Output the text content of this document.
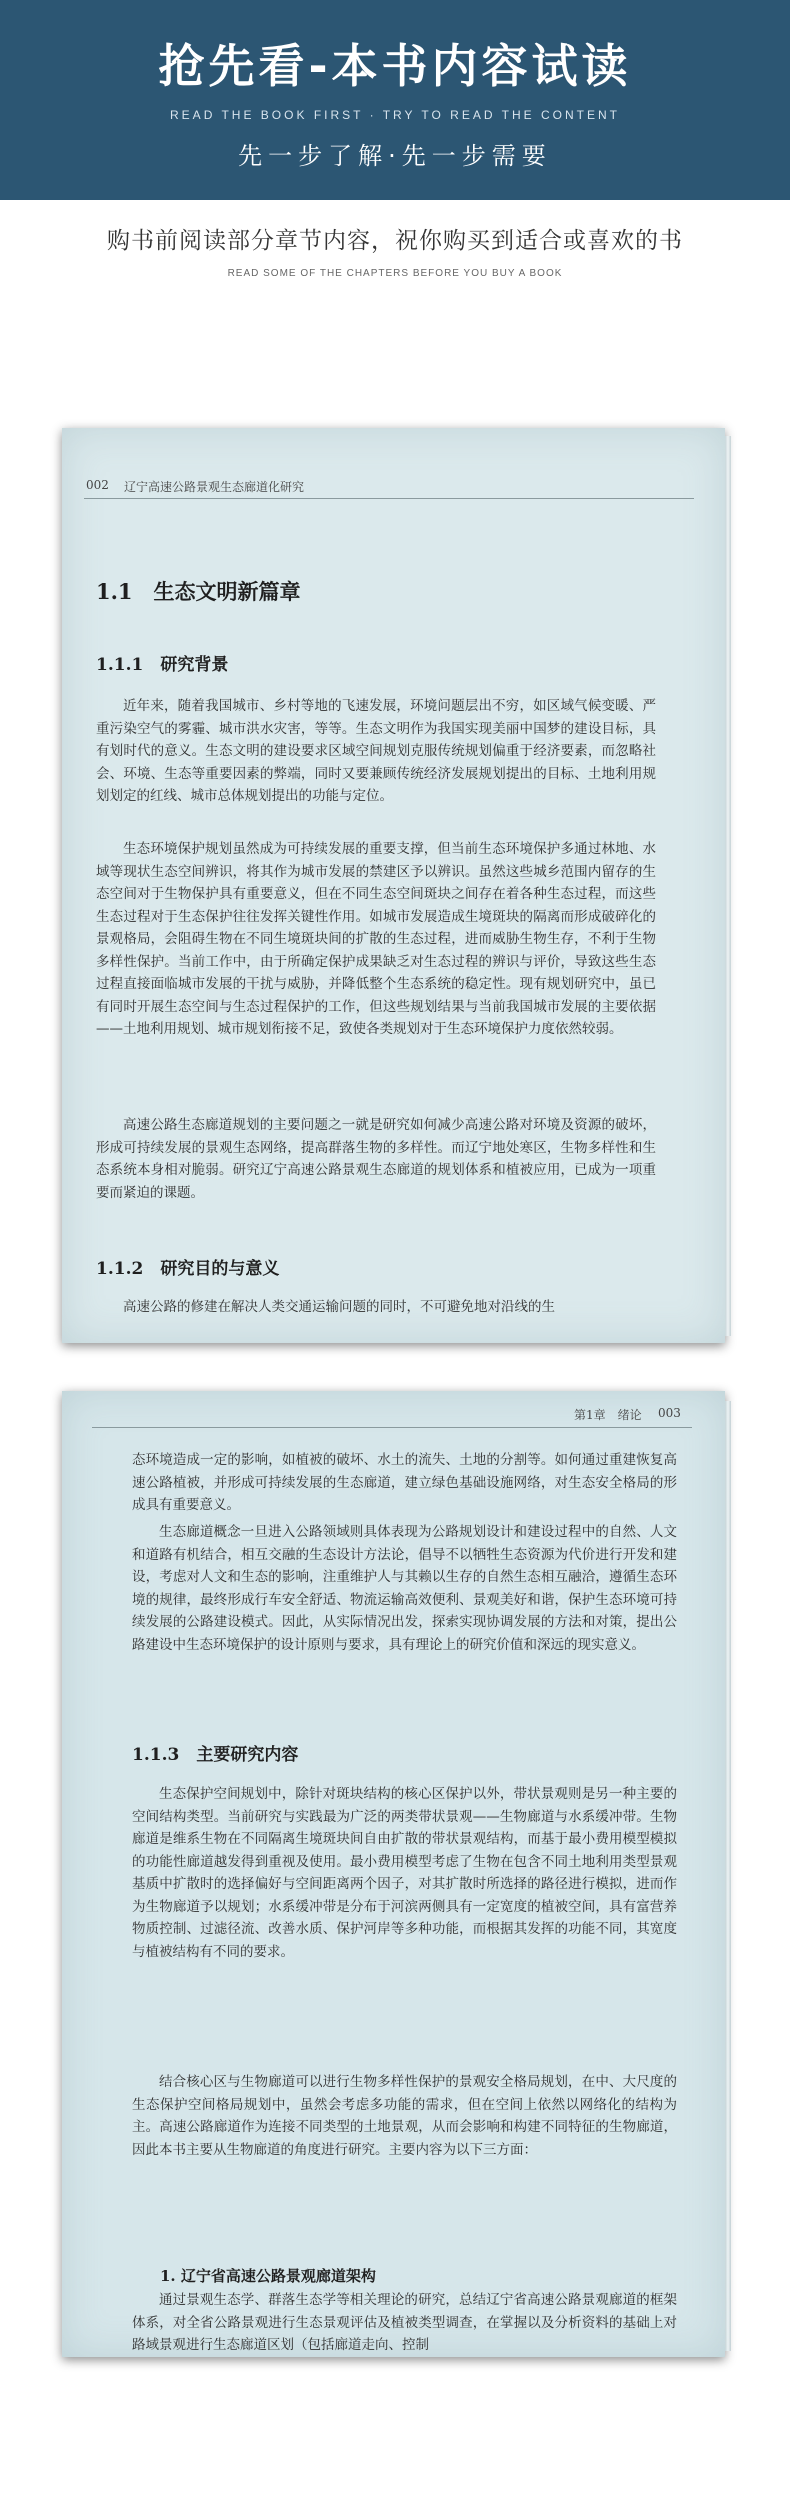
抢先看-本书内容试读
READ THE BOOK FIRST · TRY TO READ THE CONTENT
先一步了解·先一步需要
购书前阅读部分章节内容，祝你购买到适合或喜欢的书
READ SOME OF THE CHAPTERS BEFORE YOU BUY A BOOK
002 辽宁高速公路景观生态廊道化研究
1.1　生态文明新篇章
1.1.1　研究背景

近年来，随着我国城市、乡村等地的飞速发展，环境问题层出不穷，如区域气候变暖、严重污染空气的雾霾、城市洪水灾害，等等。生态文明作为我国实现美丽中国梦的建设目标，具有划时代的意义。生态文明的建设要求区域空间规划克服传统规划偏重于经济要素，而忽略社会、环境、生态等重要因素的弊端，同时又要兼顾传统经济发展规划提出的目标、土地利用规划划定的红线、城市总体规划提出的功能与定位。

生态环境保护规划虽然成为可持续发展的重要支撑，但当前生态环境保护多通过林地、水域等现状生态空间辨识，将其作为城市发展的禁建区予以辨识。虽然这些城乡范围内留存的生态空间对于生物保护具有重要意义，但在不同生态空间斑块之间存在着各种生态过程，而这些生态过程对于生态保护往往发挥关键性作用。如城市发展造成生境斑块的隔离而形成破碎化的景观格局，会阻碍生物在不同生境斑块间的扩散的生态过程，进而威胁生物生存，不利于生物多样性保护。当前工作中，由于所确定保护成果缺乏对生态过程的辨识与评价，导致这些生态过程直接面临城市发展的干扰与威胁，并降低整个生态系统的稳定性。现有规划研究中，虽已有同时开展生态空间与生态过程保护的工作，但这些规划结果与当前我国城市发展的主要依据——土地利用规划、城市规划衔接不足，致使各类规划对于生态环境保护力度依然较弱。

高速公路生态廊道规划的主要问题之一就是研究如何减少高速公路对环境及资源的破坏，形成可持续发展的景观生态网络，提高群落生物的多样性。而辽宁地处寒区，生物多样性和生态系统本身相对脆弱。研究辽宁高速公路景观生态廊道的规划体系和植被应用，已成为一项重要而紧迫的课题。

1.1.2　研究目的与意义

高速公路的修建在解决人类交通运输问题的同时，不可避免地对沿线的生

第1章　绪论 003

态环境造成一定的影响，如植被的破坏、水土的流失、土地的分割等。如何通过重建恢复高速公路植被，并形成可持续发展的生态廊道，建立绿色基础设施网络，对生态安全格局的形成具有重要意义。

生态廊道概念一旦进入公路领域则具体表现为公路规划设计和建设过程中的自然、人文和道路有机结合，相互交融的生态设计方法论，倡导不以牺牲生态资源为代价进行开发和建设，考虑对人文和生态的影响，注重维护人与其赖以生存的自然生态相互融洽，遵循生态环境的规律，最终形成行车安全舒适、物流运输高效便利、景观美好和谐，保护生态环境可持续发展的公路建设模式。因此，从实际情况出发，探索实现协调发展的方法和对策，提出公路建设中生态环境保护的设计原则与要求，具有理论上的研究价值和深远的现实意义。

1.1.3　主要研究内容

生态保护空间规划中，除针对斑块结构的核心区保护以外，带状景观则是另一种主要的空间结构类型。当前研究与实践最为广泛的两类带状景观——生物廊道与水系缓冲带。生物廊道是维系生物在不同隔离生境斑块间自由扩散的带状景观结构，而基于最小费用模型模拟的功能性廊道越发得到重视及使用。最小费用模型考虑了生物在包含不同土地利用类型景观基质中扩散时的选择偏好与空间距离两个因子，对其扩散时所选择的路径进行模拟，进而作为生物廊道予以规划；水系缓冲带是分布于河滨两侧具有一定宽度的植被空间，具有富营养物质控制、过滤径流、改善水质、保护河岸等多种功能，而根据其发挥的功能不同，其宽度与植被结构有不同的要求。

结合核心区与生物廊道可以进行生物多样性保护的景观安全格局规划，在中、大尺度的生态保护空间格局规划中，虽然会考虑多功能的需求，但在空间上依然以网络化的结构为主。高速公路廊道作为连接不同类型的土地景观，从而会影响和构建不同特征的生物廊道，因此本书主要从生物廊道的角度进行研究。主要内容为以下三方面：

1. 辽宁省高速公路景观廊道架构

通过景观生态学、群落生态学等相关理论的研究，总结辽宁省高速公路景观廊道的框架体系，对全省公路景观进行生态景观评估及植被类型调查，在掌握以及分析资料的基础上对路域景观进行生态廊道区划（包括廊道走向、控制
